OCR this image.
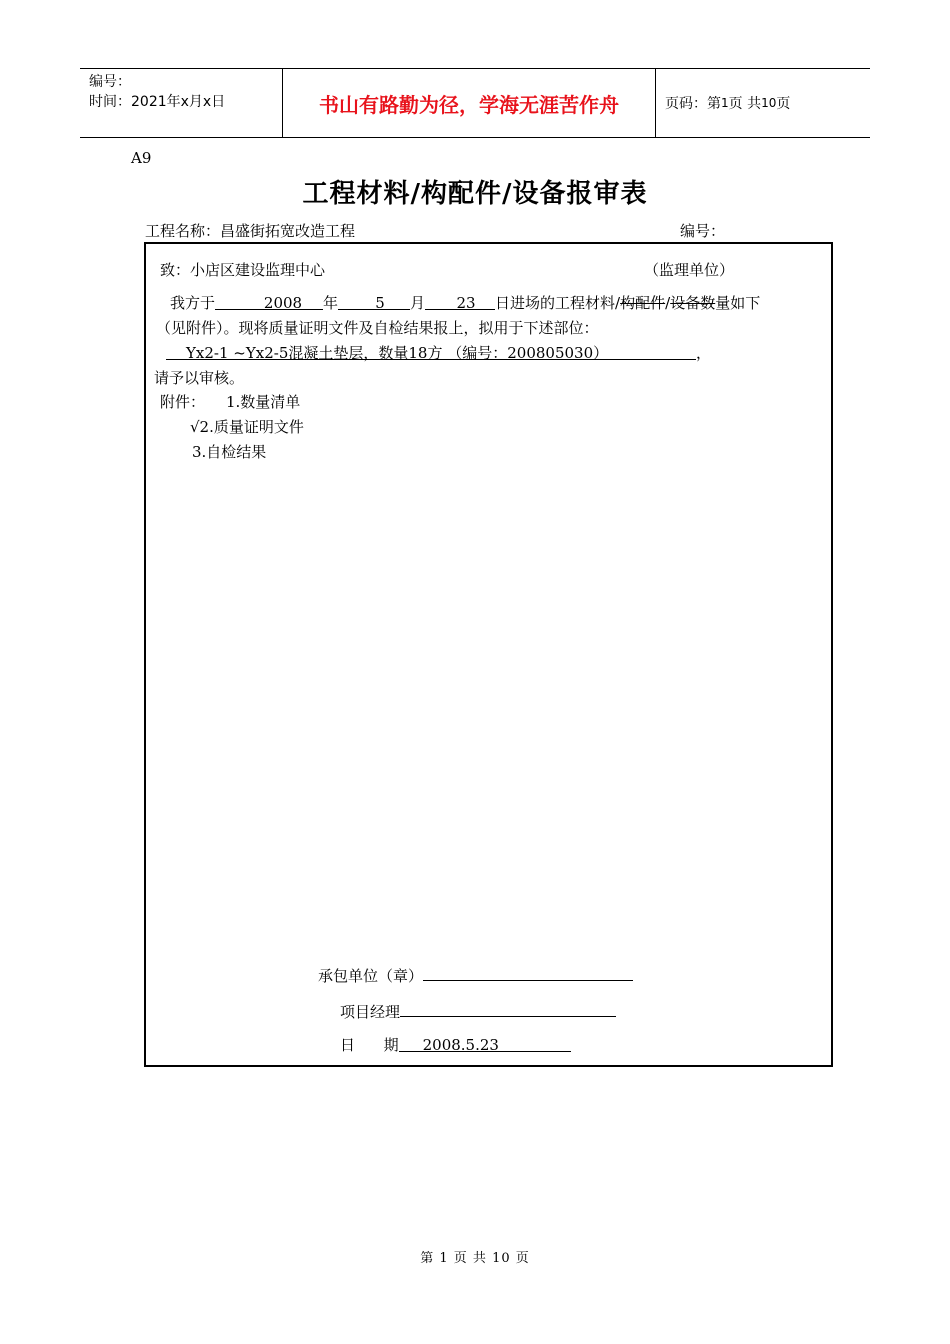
编号：
时间：2021年x月x日	书山有路勤为径，学海无涯苦作舟	页码：第 1 页 共 10 页
A9
工程材料/构配件/设备报审表
工程名称：昌盛街拓宽改造工程	编号：
致：小店区建设监理中心	（监理单位）
我方于	2008 年 5 月 23 日进场的工程材料/构配件/设备数量如下
（见附件）。现将质量证明文件及自检结果报上，拟用于下述部位：
Yx2-1 ~Yx2-5混凝土垫层，数量18方 （编号：200805030）	，
请予以审核。
附件： 1.数量清单
√2.质量证明文件
3.自检结果
承包单位（章）
项目经理
日      期 2008.5.23
第 1 页 共 10 页
